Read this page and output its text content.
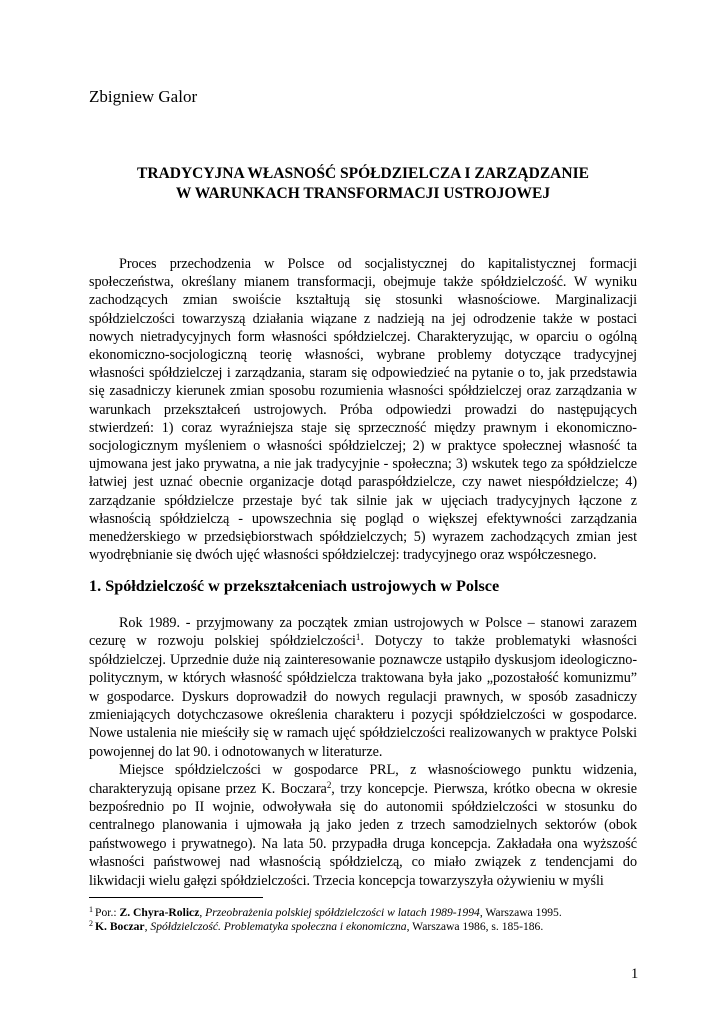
Zbigniew Galor
TRADYCYJNA WŁASNOŚĆ SPÓŁDZIELCZA I ZARZĄDZANIE
W WARUNKACH TRANSFORMACJI USTROJOWEJ

Proces przechodzenia w Polsce od socjalistycznej do kapitalistycznej formacji społeczeństwa, określany mianem transformacji, obejmuje także spółdzielczość. W wyniku zachodzących zmian swoiście kształtują się stosunki własnościowe. Marginalizacji spółdzielczości towarzyszą działania wiązane z nadzieją na jej odrodzenie także w postaci nowych nietradycyjnych form własności spółdzielczej. Charakteryzując, w oparciu o ogólną ekonomiczno-socjologiczną teorię własności, wybrane problemy dotyczące tradycyjnej własności spółdzielczej i zarządzania, staram się odpowiedzieć na pytanie o to, jak przedstawia się zasadniczy kierunek zmian sposobu rozumienia własności spółdzielczej oraz zarządzania w warunkach przekształceń ustrojowych. Próba odpowiedzi prowadzi do następujących stwierdzeń: 1) coraz wyraźniejsza staje się sprzeczność między prawnym i ekonomiczno-socjologicznym myśleniem o własności spółdzielczej; 2) w praktyce społecznej własność ta ujmowana jest jako prywatna, a nie jak tradycyjnie - społeczna; 3) wskutek tego za spółdzielcze łatwiej jest uznać obecnie organizacje dotąd paraspółdzielcze, czy nawet niespółdzielcze; 4) zarządzanie spółdzielcze przestaje być tak silnie jak w ujęciach tradycyjnych łączone z własnością spółdzielczą - upowszechnia się pogląd o większej efektywności zarządzania menedżerskiego w przedsiębiorstwach spółdzielczych; 5) wyrazem zachodzących zmian jest wyodrębnianie się dwóch ujęć własności spółdzielczej: tradycyjnego oraz współczesnego.

1. Spółdzielczość w przekształceniach ustrojowych w Polsce

Rok 1989. - przyjmowany za początek zmian ustrojowych w Polsce – stanowi zarazem cezurę w rozwoju polskiej spółdzielczości$^1$. Dotyczy to także problematyki własności spółdzielczej. Uprzednie duże nią zainteresowanie poznawcze ustąpiło dyskusjom ideologiczno-politycznym, w których własność spółdzielcza traktowana była jako „pozostałość komunizmu” w gospodarce. Dyskurs doprowadził do nowych regulacji prawnych, w sposób zasadniczy zmieniających dotychczasowe określenia charakteru i pozycji spółdzielczości w gospodarce. Nowe ustalenia nie mieściły się w ramach ujęć spółdzielczości realizowanych w praktyce Polski powojennej do lat 90. i odnotowanych w literaturze.

Miejsce spółdzielczości w gospodarce PRL, z własnościowego punktu widzenia, charakteryzują opisane przez K. Boczara$^2$, trzy koncepcje. Pierwsza, krótko obecna w okresie bezpośrednio po II wojnie, odwoływała się do autonomii spółdzielczości w stosunku do centralnego planowania i ujmowała ją jako jeden z trzech samodzielnych sektorów (obok państwowego i prywatnego). Na lata 50. przypadła druga koncepcja. Zakładała ona wyższość własności państwowej nad własnością spółdzielczą, co miało związek z tendencjami do likwidacji wielu gałęzi spółdzielczości. Trzecia koncepcja towarzyszyła ożywieniu w myśli

$^1$ Por.: Z. Chyra-Rolicz, Przeobrażenia polskiej spółdzielczości w latach 1989-1994, Warszawa 1995.
$^2$ K. Boczar, Spółdzielczość. Problematyka społeczna i ekonomiczna, Warszawa 1986, s. 185-186.
1
